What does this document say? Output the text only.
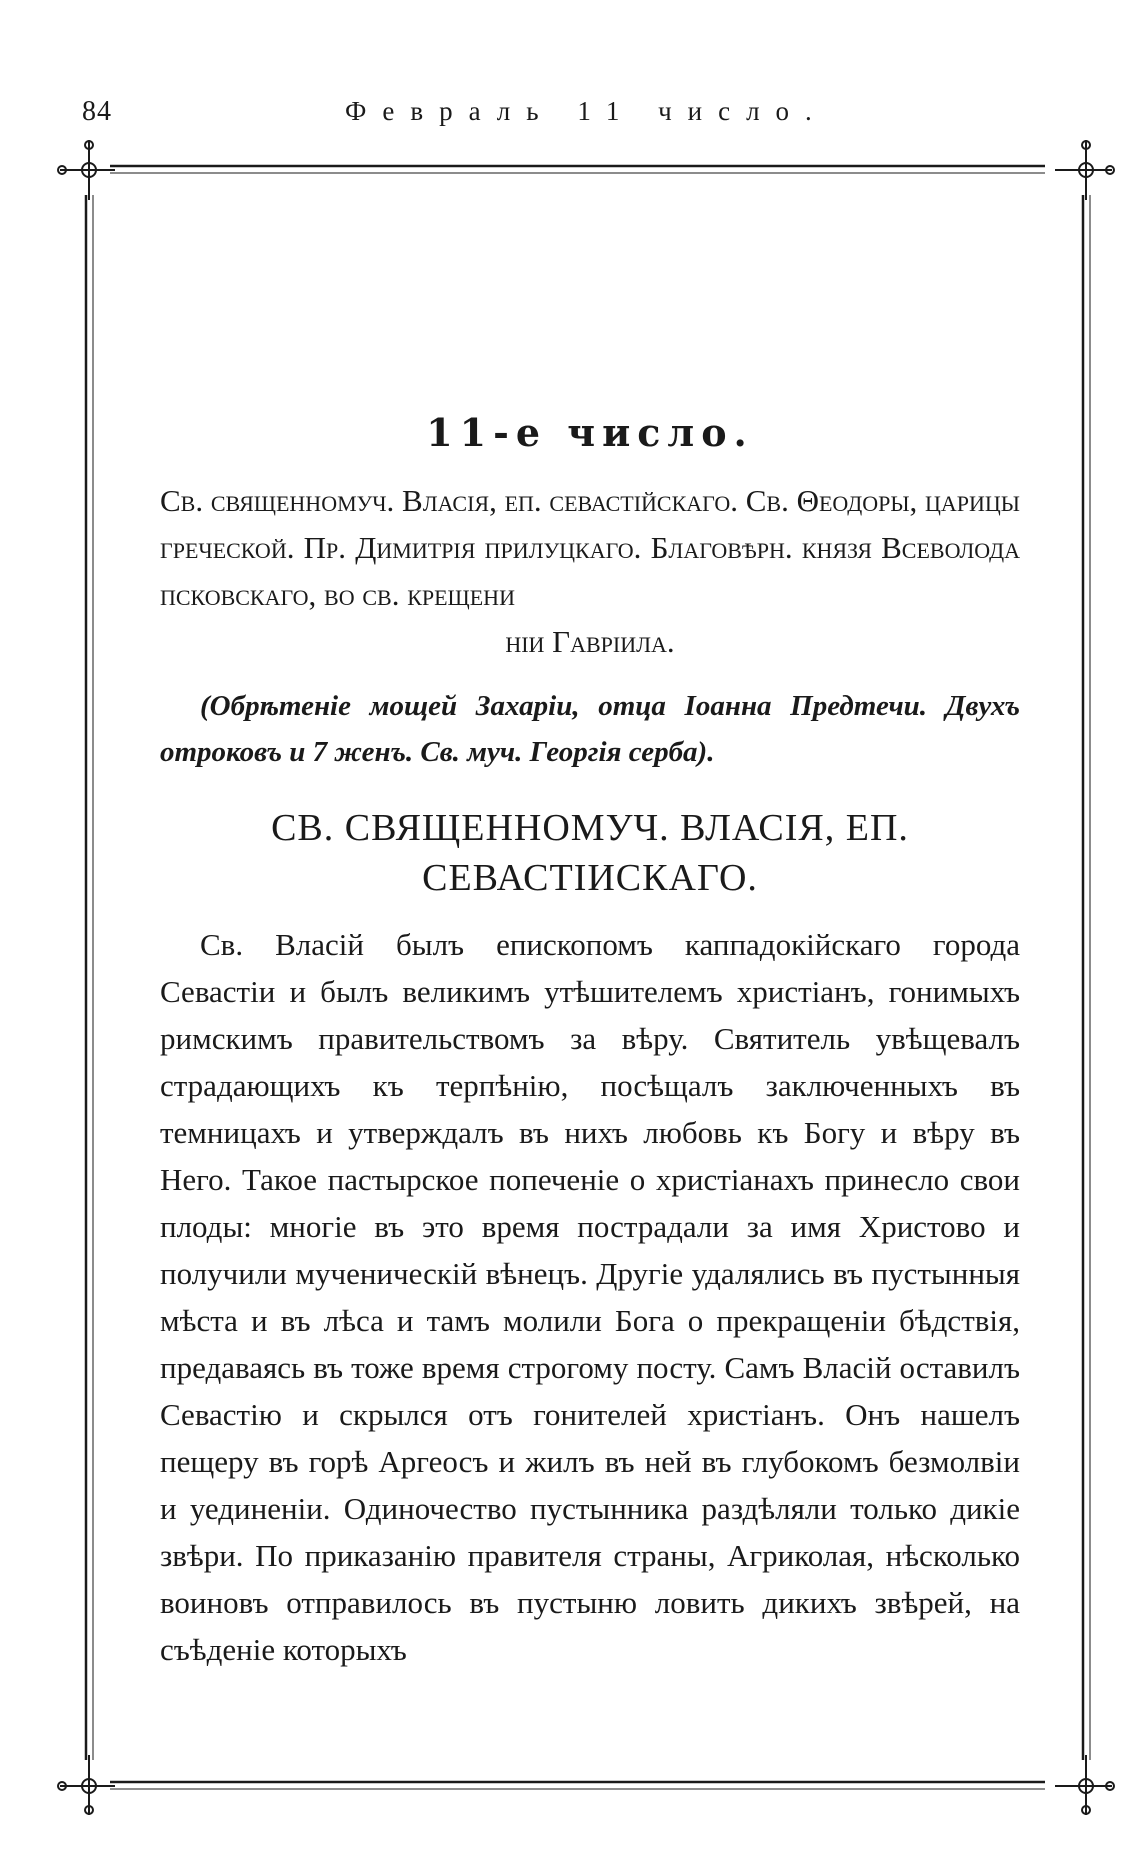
84	Февраль 11 число.
11-е число.

Св. священномуч. Власія, еп. севастійскаго. Св. Θеодоры, царицы греческой. Пр. Димитрія прилуцкаго. Благовѣрн. князя Всеволода псковскаго, во св. крещени
ніи Гавріила.

(Обрѣтеніе мощей Захаріи, отца Іоанна Предтечи. Двухъ отроковъ и 7 женъ. Св. муч. Георгія серба).

СВ. СВЯЩЕННОМУЧ. ВЛАСІЯ, ЕП. СЕВАСТІИСКАГО.

Св. Власій былъ епископомъ каппадокійскаго города Севастіи и былъ великимъ утѣшителемъ христіанъ, гонимыхъ римскимъ правительствомъ за вѣру. Святитель увѣщевалъ страдающихъ къ терпѣнію, посѣщалъ заключенныхъ въ темницахъ и утверждалъ въ нихъ любовь къ Богу и вѣру въ Него. Такое пастырское попеченіе о христіанахъ принесло свои плоды: многіе въ это время пострадали за имя Христово и получили мученическій вѣнецъ. Другіе удалялись въ пустынныя мѣста и въ лѣса и тамъ молили Бога о прекращеніи бѣдствія, предаваясь въ тоже время строгому посту. Самъ Власій оставилъ Севастію и скрылся отъ гонителей христіанъ. Онъ нашелъ пещеру въ горѣ Аргеосъ и жилъ въ ней въ глубокомъ безмолвіи и уединеніи. Одиночество пустынника раздѣляли только дикіе звѣри. По приказанію правителя страны, Агриколая, нѣсколько воиновъ отправилось въ пустыню ловить дикихъ звѣрей, на съѣденіе которыхъ
